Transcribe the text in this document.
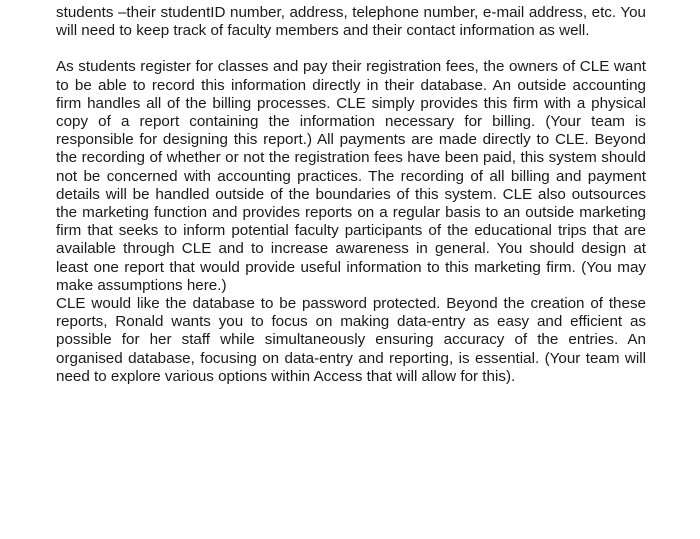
students –their studentID number, address, telephone number, e-mail address, etc. You will need to keep track of faculty members and their contact information as well.

As students register for classes and pay their registration fees, the owners of CLE want to be able to record this information directly in their database. An outside accounting firm handles all of the billing processes. CLE simply provides this firm with a physical copy of a report containing the information necessary for billing. (Your team is responsible for designing this report.) All payments are made directly to CLE. Beyond the recording of whether or not the registration fees have been paid, this system should not be concerned with accounting practices. The recording of all billing and payment details will be handled outside of the boundaries of this system. CLE also outsources the marketing function and provides reports on a regular basis to an outside marketing firm that seeks to inform potential faculty participants of the educational trips that are available through CLE and to increase awareness in general. You should design at least one report that would provide useful information to this marketing firm. (You may make assumptions here.)

CLE would like the database to be password protected. Beyond the creation of these reports, Ronald wants you to focus on making data-entry as easy and efficient as possible for her staff while simultaneously ensuring accuracy of the entries. An organised database, focusing on data-entry and reporting, is essential. (Your team will need to explore various options within Access that will allow for this).
